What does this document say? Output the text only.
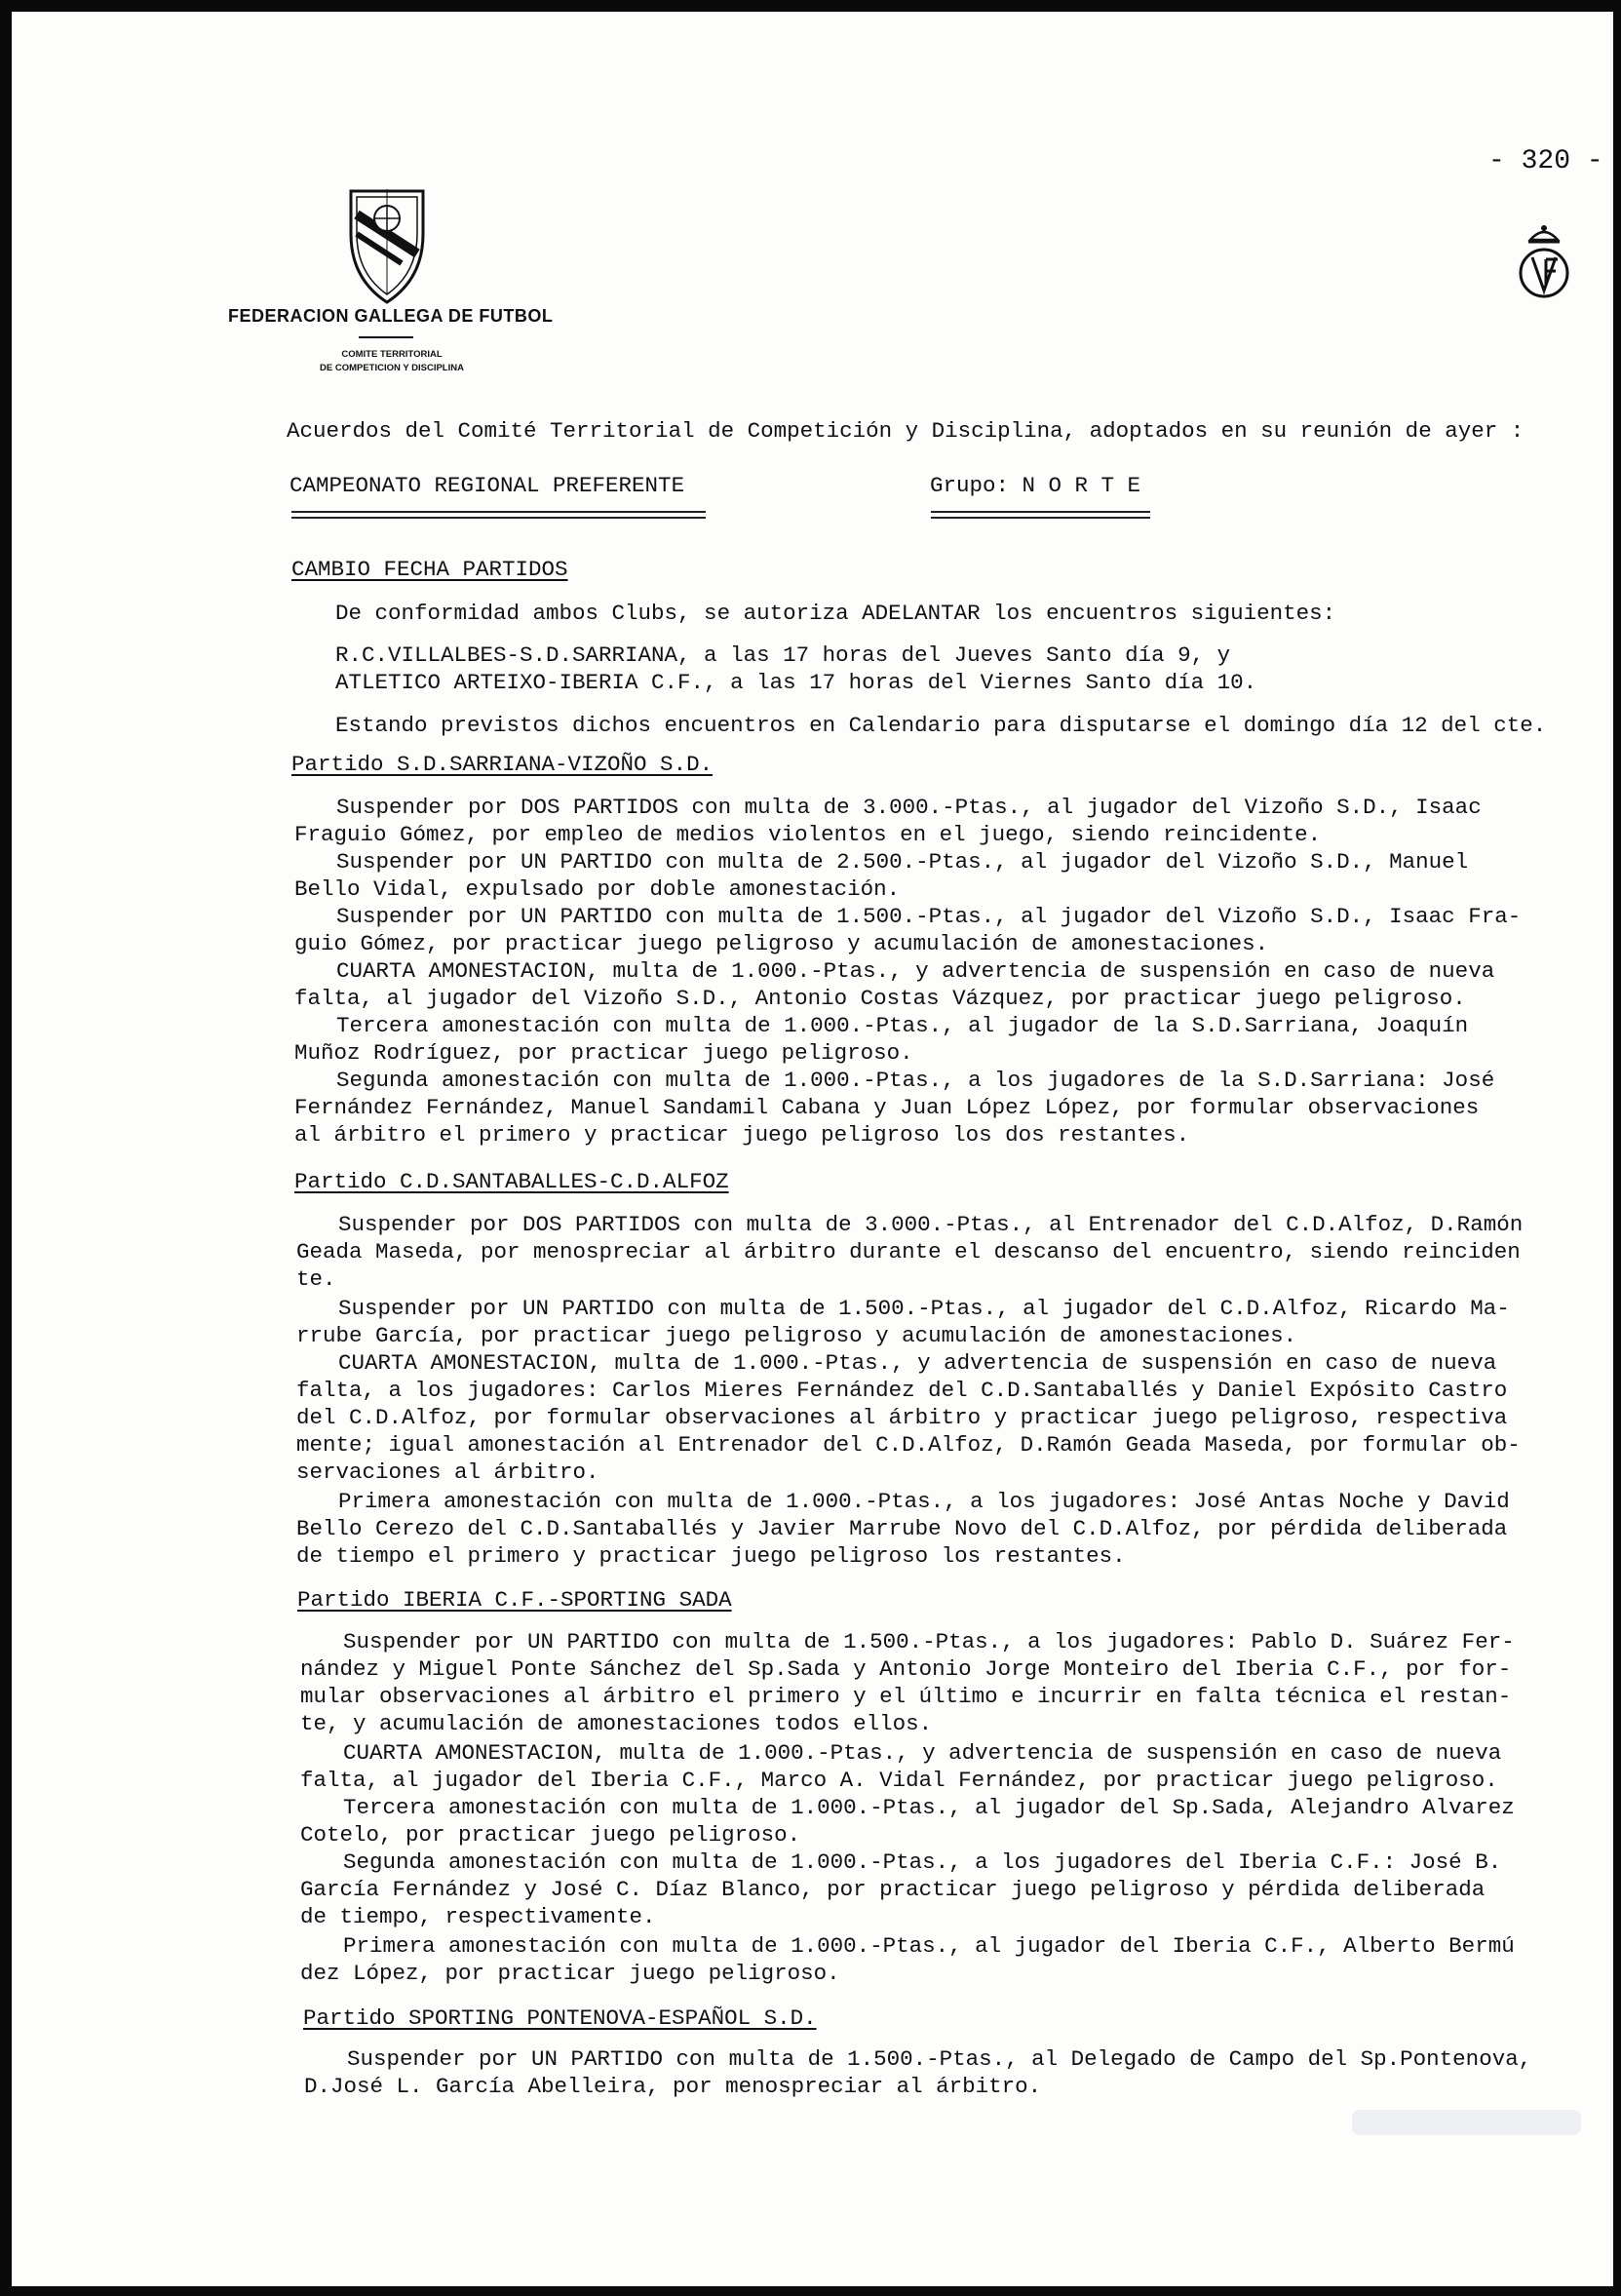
- 320 -
FEDERACION GALLEGA DE FUTBOL
COMITE TERRITORIAL
DE COMPETICION Y DISCIPLINA
Acuerdos del Comité Territorial de Competición y Disciplina, adoptados en su reunión de ayer :
CAMPEONATO REGIONAL PREFERENTE	Grupo: N O R T E
CAMBIO FECHA PARTIDOS
De conformidad ambos Clubs, se autoriza ADELANTAR los encuentros siguientes:
R.C.VILLALBES-S.D.SARRIANA, a las 17 horas del Jueves Santo día 9, y
ATLETICO ARTEIXO-IBERIA C.F., a las 17 horas del Viernes Santo día 10.
Estando previstos dichos encuentros en Calendario para disputarse el domingo día 12 del cte.
Partido S.D.SARRIANA-VIZOÑO S.D.
Suspender por DOS PARTIDOS con multa de 3.000.-Ptas., al jugador del Vizoño S.D., Isaac
Fraguio Gómez, por empleo de medios violentos en el juego, siendo reincidente.
Suspender por UN PARTIDO con multa de 2.500.-Ptas., al jugador del Vizoño S.D., Manuel
Bello Vidal, expulsado por doble amonestación.
Suspender por UN PARTIDO con multa de 1.500.-Ptas., al jugador del Vizoño S.D., Isaac Fra-
guio Gómez, por practicar juego peligroso y acumulación de amonestaciones.
CUARTA AMONESTACION, multa de 1.000.-Ptas., y advertencia de suspensión en caso de nueva
falta, al jugador del Vizoño S.D., Antonio Costas Vázquez, por practicar juego peligroso.
Tercera amonestación con multa de 1.000.-Ptas., al jugador de la S.D.Sarriana, Joaquín
Muñoz Rodríguez, por practicar juego peligroso.
Segunda amonestación con multa de 1.000.-Ptas., a los jugadores de la S.D.Sarriana: José
Fernández Fernández, Manuel Sandamil Cabana y Juan López López, por formular observaciones
al árbitro el primero y practicar juego peligroso los dos restantes.
Partido C.D.SANTABALLES-C.D.ALFOZ
Suspender por DOS PARTIDOS con multa de 3.000.-Ptas., al Entrenador del C.D.Alfoz, D.Ramón
Geada Maseda, por menospreciar al árbitro durante el descanso del encuentro, siendo reinciden
te.
Suspender por UN PARTIDO con multa de 1.500.-Ptas., al jugador del C.D.Alfoz, Ricardo Ma-
rrube García, por practicar juego peligroso y acumulación de amonestaciones.
CUARTA AMONESTACION, multa de 1.000.-Ptas., y advertencia de suspensión en caso de nueva
falta, a los jugadores: Carlos Mieres Fernández del C.D.Santaballés y Daniel Expósito Castro
del C.D.Alfoz, por formular observaciones al árbitro y practicar juego peligroso, respectiva
mente; igual amonestación al Entrenador del C.D.Alfoz, D.Ramón Geada Maseda, por formular ob-
servaciones al árbitro.
Primera amonestación con multa de 1.000.-Ptas., a los jugadores: José Antas Noche y David
Bello Cerezo del C.D.Santaballés y Javier Marrube Novo del C.D.Alfoz, por pérdida deliberada
de tiempo el primero y practicar juego peligroso los restantes.
Partido IBERIA C.F.-SPORTING SADA
Suspender por UN PARTIDO con multa de 1.500.-Ptas., a los jugadores: Pablo D. Suárez Fer-
nández y Miguel Ponte Sánchez del Sp.Sada y Antonio Jorge Monteiro del Iberia C.F., por for-
mular observaciones al árbitro el primero y el último e incurrir en falta técnica el restan-
te, y acumulación de amonestaciones todos ellos.
CUARTA AMONESTACION, multa de 1.000.-Ptas., y advertencia de suspensión en caso de nueva
falta, al jugador del Iberia C.F., Marco A. Vidal Fernández, por practicar juego peligroso.
Tercera amonestación con multa de 1.000.-Ptas., al jugador del Sp.Sada, Alejandro Alvarez
Cotelo, por practicar juego peligroso.
Segunda amonestación con multa de 1.000.-Ptas., a los jugadores del Iberia C.F.: José B.
García Fernández y José C. Díaz Blanco, por practicar juego peligroso y pérdida deliberada
de tiempo, respectivamente.
Primera amonestación con multa de 1.000.-Ptas., al jugador del Iberia C.F., Alberto Bermú
dez López, por practicar juego peligroso.
Partido SPORTING PONTENOVA-ESPAÑOL S.D.
Suspender por UN PARTIDO con multa de 1.500.-Ptas., al Delegado de Campo del Sp.Pontenova,
D.José L. García Abelleira, por menospreciar al árbitro.
